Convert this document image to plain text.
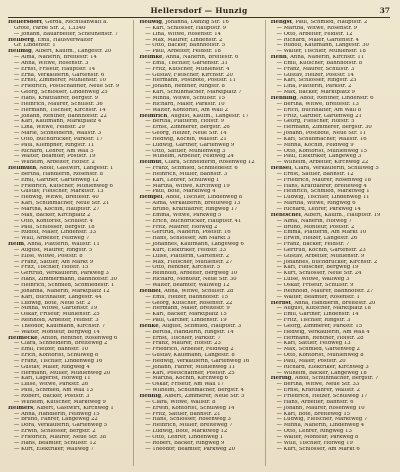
Hellersdorf — Hunzig	37
Hellersdorf, Gerda, Rechtsanwalt a.
Grote, Farbe Str. 2, T.3340
— Johann, Bauarbeiter, Scheunenstr. 7
Hellberg, Emil, Hausverwalter
Gr. Lindenstr. 1
Hellmig, Albert, Kaufm., Langestr. 20
— Alma, Näherin, Breitestr. 14
— Anna, Witwe, Rosenstr. 3
— Ernst, Friseur, Hauptstr. 14
— Erna, Verkäuferin, Gartenstr. 6
— Ernst, Zimmerer, Mühlenstr. 10
— Friedrich, Postschaffner, Neue Str. 9
— Georg, Schlosser, Lindenweg 25
— Hans, Kraftfahrer, Bergstr. 9
— Heinrich, Maurer, Schulstr. 36
— Hermann, Tischler, Kirchstr. 14
— Johann, Rentner, Bahnhofstr. 22
— Karl, Kaufmann, Marktplatz 4
— Lina, Witwe, Feldstr. 29
— Marie, Schneiderin, Wallstr. 3
— Otto, Buchdrucker, Parkstr. 17
— Paul, Klempner, Ringstr. 11
— Richard, Lehrer, Am Wall 5
— Walter, Beamter, Poststr. 19
— Wilhelm, Arbeiter, Hofstr. 2
Hellmuth, Adolf, Gastwirt, Langestr. 1
— Bertha, Händlerin, Rosenstr. 8
— Emil, Gärtner, Gartenweg 12
— Friedrich, Kutscher, Mühlenweg 6
— Gustav, Fleischer, Marktstr. 13
— Hedwig, Witwe, Breitestr. 40
— Karl, Schuhmacher, Neue Str. 21
— Martha, Köchin, Hauptstr. 27
— Max, Bäcker, Kirchplatz 2
— Otto, Kontorist, Schulstr. 4
— Paul, Schlosser, Bergstr. 18
— Rudolf, Maler, Lindenstr. 33
— Willi, Arbeiter, Feldweg 7
Helm, Anna, Plätterin, Wallstr. 11
— August, Maurer, Ringstr. 5
— Elise, Witwe, Poststr. 8
— Franz, Sattler, Am Markt 9
— Fritz, Tischler, Hofstr. 15
— Gertrud, Verkäuferin, Parkweg 3
— Hans, Zimmermann, Bahnhofstr. 30
— Heinrich, Schmied, Schmiedestr. 1
— Johanna, Näherin, Marktplatz 12
— Karl, Buchhalter, Langestr. 44
— Ludwig, Bote, Neue Str. 2
— Minna, Witwe, Gartenstr. 19
— Oskar, Friseur, Mühlenstr. 25
— Reinhold, Arbeiter, Feldstr. 3
— Theodor, Kaufmann, Kirchstr. 7
— Walter, Monteur, Bergweg 14
Helmecke, Anton, Rentner, Rosenweg 6
— Clara, Schneiderin, Breiteweg 2
— Emil, Heizer, Bahnstr. 10
— Erich, Kontorist, Schulweg 8
— Franz, Tischler, Lindenweg 16
— Gustav, Maler, Ringweg 4
— Hermann, Müller, Mühlenweg 20
— Karl, Lagerist, Hofweg 11
— Luise, Witwe, Parkstr. 26
— Paul, Schmied, Am Wall 13
— Robert, Bäcker, Poststr. 3
— Wilhelm, Kutscher, Marktweg 9
Helmers, Albert, Gastwirt, Kirchweg 1
— Anna, Händlerin, Feldweg 15
— Bruno, Fahrer, Langeweg 22
— Dora, Verkäuferin, Gartenweg 5
— Erwin, Schlosser, Bergstr. 2
— Friedrich, Maurer, Neue Str. 38
— Hans, Beamter, Schulstr. 12
— Kurt, Elektriker, Wallweg 7
Hellwig, Johanna, Danzig Str. 16
— Karl, Schlosser, Hauptstr. 9
— Lina, Witwe, Rosenstr. 14
— Max, Maurer, Lindenstr. 2
— Otto, Bäcker, Bahnhofstr. 5
— Paul, Arbeiter, Feldstr. 18
Helmke, Anna, Näherin, Breitestr. 6
— Emil, Tischler, Gartenstr. 31
— Fritz, Kutscher, Mühlenstr. 4
— Gustav, Fleischer, Kirchstr. 20
— Hermann, Postbote, Poststr. 11
— Johann, Rentner, Ringstr. 8
— Karl, Schuhmacher, Marktplatz 7
— Minna, Witwe, Schulstr. 15
— Richard, Maler, Parkstr. 10
— Walter, Kontorist, Am Wall 2
Helmrich, August, Kaufm., Langestr. 17
— Bertha, Plätterin, Hofstr. 9
— Ernst, Zimmerer, Bergstr. 26
— Georg, Heizer, Neue Str. 14
— Hedwig, Köchin, Wallstr. 21
— Ludwig, Gärtner, Gartenweg 9
— Otto, Sattler, Mühlenweg 3
— Wilhelm, Arbeiter, Feldweg 24
Helmut, Clara, Schneiderin, Rosenweg 12
— Franz, Schmied, Schmiedestr. 6
— Heinrich, Müller, Bahnstr. 3
— Karl, Lehrer, Schulweg 1
— Martha, Witwe, Kirchweg 19
— Paul, Bote, Marktweg 4
Hempel, Adolf, Tischler, Lindenweg 8
— Alma, Verkäuferin, Breiteweg 13
— Bruno, Kraftfahrer, Ringweg 17
— Emma, Witwe, Parkweg 5
— Erich, Buchdrucker, Hauptstr. 41
— Fritz, Maurer, Hofweg 2
— Gertrud, Näherin, Poststr. 16
— Hans, Schlosser, Am Markt 3
— Johannes, Kaufmann, Langeweg 6
— Kurt, Elektriker, Feldstr. 33
— Luise, Plätterin, Gartenstr. 2
— Max, Fleischer, Mühlenstr. 27
— Otto, Rentner, Kirchstr. 5
— Reinhold, Arbeiter, Bergweg 10
— Richard, Monteur, Neue Str. 30
— Walter, Beamter, Wallweg 12
Hendel, Anna, Witwe, Schulstr. 28
— Emil, Heizer, Bahnhofstr. 15
— Georg, Kutscher, Rosenstr. 22
— Hermann, Maler, Breitestr. 9
— Karl, Bäcker, Marktplatz 15
— Paul, Gärtner, Lindenstr. 19
Henke, August, Schmied, Hauptstr. 3
— Bertha, Händlerin, Ringstr. 14
— Ernst, Tischler, Parkstr. 7
— Franz, Maurer, Hofstr. 23
— Friedrich, Arbeiter, Feldweg 2
— Gustav, Kaufmann, Langestr. 8
— Hedwig, Verkäuferin, Gartenweg 16
— Johann, Fahrer, Mühlenweg 11
— Karl, Postschaffner, Poststr. 25
— Martha, Köchin, Kirchweg 6
— Oskar, Friseur, Am Wall 17
— Wilhelm, Schuhmacher, Bergstr. 4
Hennig, Albert, Zimmerer, Neue Str. 5
— Clara, Witwe, Wallstr. 8
— Erwin, Kontorist, Schulweg 14
— Fritz, Sattler, Bahnstr. 21
— Hans, Schlosser, Rosenweg 3
— Heinrich, Müller, Breiteweg 7
— Ludwig, Bote, Marktweg 12
— Otto, Lehrer, Lindenweg 1
— Robert, Bäcker, Ringweg 9
— Theodor, Beamter, Parkweg 20
Hengst, Paul, Schmied, Hauptstr. 2
— Martha, Witwe, Rosenstr. 9
— Otto, Arbeiter, Feldstr. 12
— Richard, Maler, Gartenstr. 4
— Rudolf, Kaufmann, Langestr. 30
— Walter, Tischler, Mühlenstr. 18
Henn, Anna, Näherin, Kirchstr. 11
— Emil, Kutscher, Bahnhofstr. 8
— Franz, Maurer, Schulstr. 3
— Gustav, Heizer, Poststr. 14
— Karl, Schlosser, Ringstr. 25
— Lina, Plätterin, Parkstr. 2
— Max, Bäcker, Marktplatz 9
Henning, Adolf, Rentner, Lindenstr. 6
— Bertha, Witwe, Breitestr. 13
— Erich, Buchhalter, Am Wall 8
— Fritz, Gärtner, Gartenweg 21
— Georg, Fleischer, Hofstr. 5
— Hermann, Zimmerer, Bergstr. 30
— Johann, Postbote, Neue Str. 11
— Karl, Schuhmacher, Wallstr. 16
— Minna, Köchin, Feldweg 9
— Otto, Kontorist, Mühlenweg 15
— Paul, Elektriker, Langeweg 3
— Wilhelm, Arbeiter, Kirchweg 22
Hensel, Clara, Verkäuferin, Schulweg 5
— Ernst, Sattler, Bahnstr. 12
— Friedrich, Maurer, Rosenweg 18
— Hans, Kraftfahrer, Breiteweg 4
— Heinrich, Schmied, Marktweg 1
— Ludwig, Tischler, Lindenweg 11
— Martha, Witwe, Ringweg 6
— Richard, Lehrer, Parkweg 14
Hentschel, Albert, Kaufm., Hauptstr. 19
— Alma, Näherin, Hofweg 7
— Bruno, Monteur, Poststr. 2
— Emma, Plätterin, Am Markt 10
— Erwin, Heizer, Langestr. 26
— Franz, Bäcker, Feldstr. 7
— Gertrud, Köchin, Gartenstr. 23
— Gustav, Arbeiter, Mühlenstr. 9
— Johannes, Buchdrucker, Kirchstr. 2
— Karl, Fleischer, Bergweg 19
— Kurt, Schlosser, Neue Str. 24
— Luise, Witwe, Wallweg 3
— Oskar, Friseur, Schulstr. 9
— Reinhold, Maurer, Bahnhofstr. 27
— Walter, Beamter, Rosenstr. 1
Herbst, Anna, Händlerin, Breitestr. 20
— August, Kutscher, Marktplatz 18
— Emil, Gärtner, Lindenstr. 14
— Fritz, Tischler, Ringstr. 3
— Georg, Zimmerer, Parkstr. 15
— Hedwig, Verkäuferin, Am Wall 4
— Hermann, Rentner, Hofstr. 28
— Karl, Sattler, Feldweg 13
— Max, Schmied, Gartenweg 2
— Otto, Kontorist, Mühlenweg 8
— Paul, Maler, Poststr. 20
— Richard, Elektriker, Kirchweg 3
— Wilhelm, Bäcker, Langeweg 18
Hering, Adolf, Schuhmacher, Bergstr. 7
— Bertha, Witwe, Neue Str. 33
— Ernst, Kraftfahrer, Wallstr. 2
— Friedrich, Heizer, Schulweg 17
— Hans, Arbeiter, Bahnstr. 6
— Johann, Maurer, Rosenweg 10
— Karl, Bote, Breiteweg 15
— Ludwig, Fleischer, Marktweg 7
— Minna, Näherin, Lindenweg 4
— Otto, Lehrer, Ringweg 13
— Walter, Monteur, Parkweg 8
— Willi, Tischler, Hofweg 19
— Kurt, Schlosser, Am Markt 6
